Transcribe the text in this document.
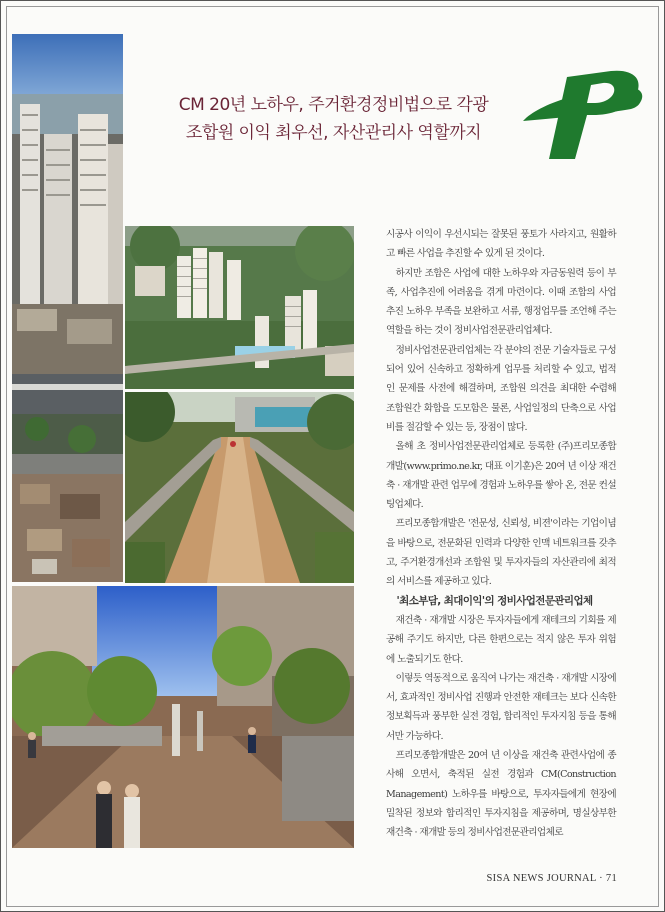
CM 20년 노하우, 주거환경정비법으로 각광
조합원 이익 최우선, 자산관리사 역할까지

시공사 이익이 우선시되는 잘못된 풍토가 사라지고, 원활하고 빠른 사업을 추진할 수 있게 된 것이다.

하지만 조합은 사업에 대한 노하우와 자금동원력 등이 부족, 사업추진에 어려움을 겪게 마련이다. 이때 조합의 사업추진 노하우 부족을 보완하고 서류, 행정업무를 조언해 주는 역할을 하는 것이 정비사업전문관리업체다.

정비사업전문관리업체는 각 분야의 전문 기술자들로 구성되어 있어 신속하고 정확하게 업무를 처리할 수 있고, 법적인 문제를 사전에 해결하며, 조합원 의견을 최대한 수렴해 조합원간 화합을 도모함은 물론, 사업일정의 단축으로 사업비를 절감할 수 있는 등, 장점이 많다.

올해 초 정비사업전문관리업체로 등록한 (주)프리모종합개발(www.primo.ne.kr, 대표 이기훈)은 20여 년 이상 재건축 · 재개발 관련 업무에 경험과 노하우를 쌓아 온, 전문 컨설팅업체다.

프리모종합개발은 '전문성, 신뢰성, 비젼'이라는 기업이념을 바탕으로, 전문화된 인력과 다양한 인맥 네트워크를 갖추고, 주거환경개선과 조합원 및 투자자들의 자산관리에 최적의 서비스를 제공하고 있다.

'최소부담, 최대이익'의 정비사업전문관리업체

재건축 · 재개발 시장은 투자자들에게 재테크의 기회를 제공해 주기도 하지만, 다른 한편으로는 적지 않은 투자 위험에 노출되기도 한다.

이렇듯 역동적으로 움직여 나가는 재건축 · 재개발 시장에서, 효과적인 정비사업 진행과 안전한 재테크는 보다 신속한 정보획득과 풍부한 실전 경험, 합리적인 투자지침 등을 통해서만 가능하다.

프리모종합개발은 20여 년 이상을 재건축 관련사업에 종사해 오면서, 축적된 실전 경험과 CM(Construction Management) 노하우를 바탕으로, 투자자들에게 현장에 밀착된 정보와 합리적인 투자지침을 제공하며, 명실상부한 재건축 · 재개발 등의 정비사업전문관리업체로

SISA NEWS JOURNAL · 71
